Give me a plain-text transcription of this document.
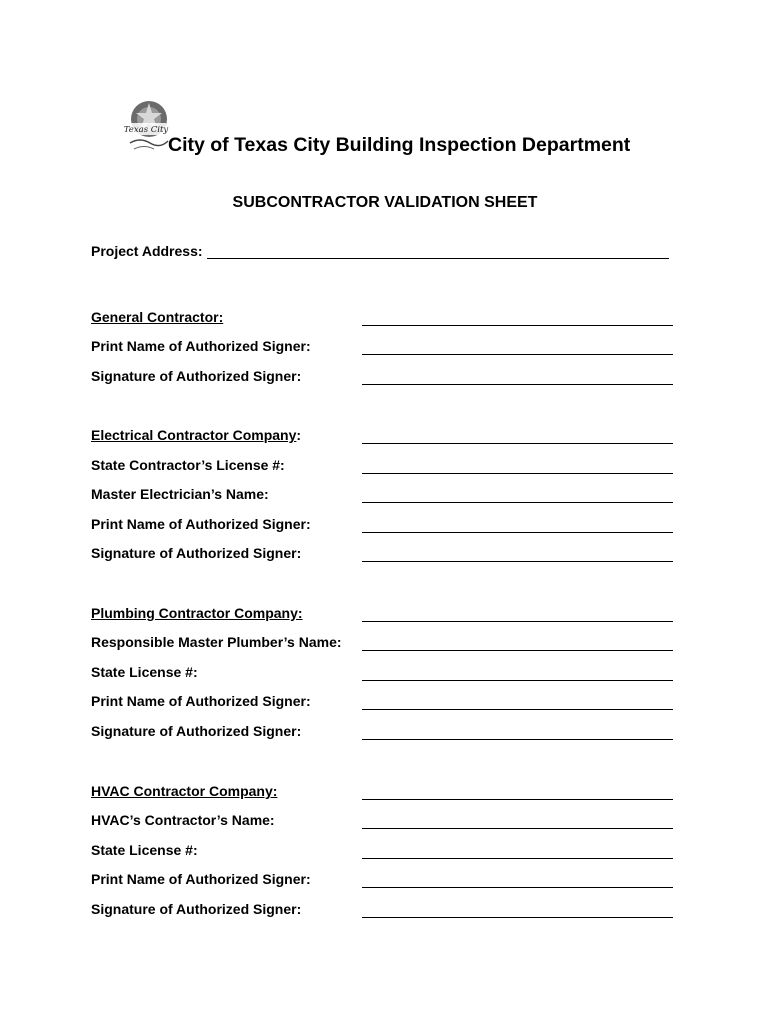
Texas City
City of Texas City Building Inspection Department
SUBCONTRACTOR VALIDATION SHEET
Project Address:
General Contractor:
Print Name of Authorized Signer:
Signature of Authorized Signer:
Electrical Contractor Company:
State Contractor’s License #:
Master Electrician’s Name:
Print Name of Authorized Signer:
Signature of Authorized Signer:
Plumbing Contractor Company:
Responsible Master Plumber’s Name:
State License #:
Print Name of Authorized Signer:
Signature of Authorized Signer:
HVAC Contractor Company:
HVAC’s Contractor’s Name:
State License #:
Print Name of Authorized Signer:
Signature of Authorized Signer:
